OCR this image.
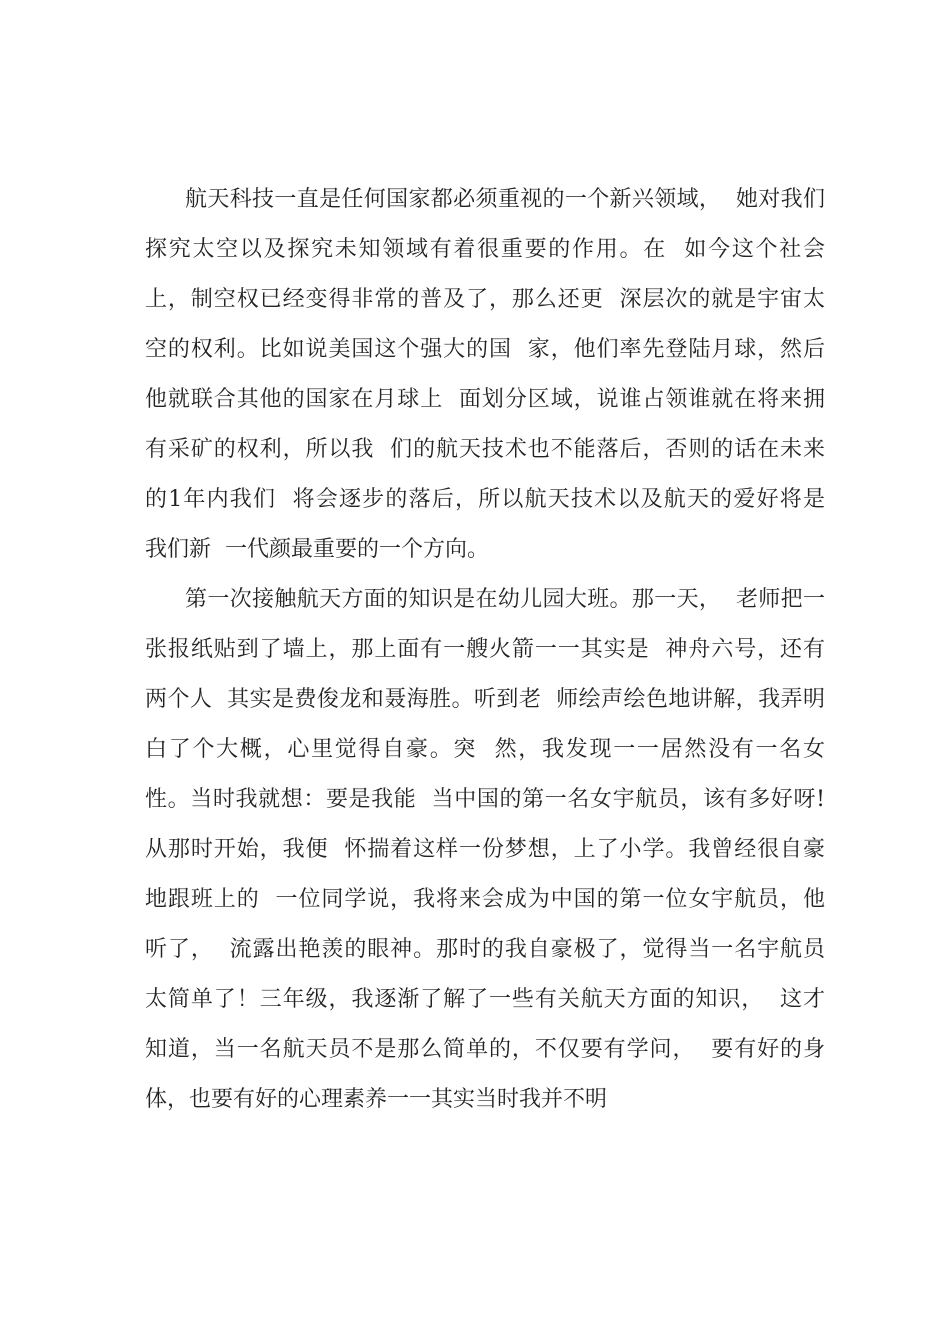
航天科技一直是任何国家都必须重视的一个新兴领域，  她对我们
探究太空以及探究未知领域有着很重要的作用。在  如今这个社会
上，制空权已经变得非常的普及了，那么还更  深层次的就是宇宙太
空的权利。比如说美国这个强大的国  家，他们率先登陆月球，然后
他就联合其他的国家在月球上  面划分区域，说谁占领谁就在将来拥
有采矿的权利，所以我  们的航天技术也不能落后，否则的话在未来
的1年内我们  将会逐步的落后，所以航天技术以及航天的爱好将是
我们新  一代颜最重要的一个方向。
第一次接触航天方面的知识是在幼儿园大班。那一天，  老师把一
张报纸贴到了墙上，那上面有一艘火箭一一其实是  神舟六号，还有
两个人  其实是费俊龙和聂海胜。听到老  师绘声绘色地讲解，我弄明
白了个大概，心里觉得自豪。突  然，我发现一一居然没有一名女
性。当时我就想：要是我能  当中国的第一名女宇航员，该有多好呀!
从那时开始，我便  怀揣着这样一份梦想，上了小学。我曾经很自豪
地跟班上的  一位同学说，我将来会成为中国的第一位女宇航员，他
听了，  流露出艳羡的眼神。那时的我自豪极了，觉得当一名宇航员
太简单了！三年级，我逐渐了解了一些有关航天方面的知识，  这才
知道，当一名航天员不是那么简单的，不仅要有学问，  要有好的身
体，也要有好的心理素养一一其实当时我并不明
